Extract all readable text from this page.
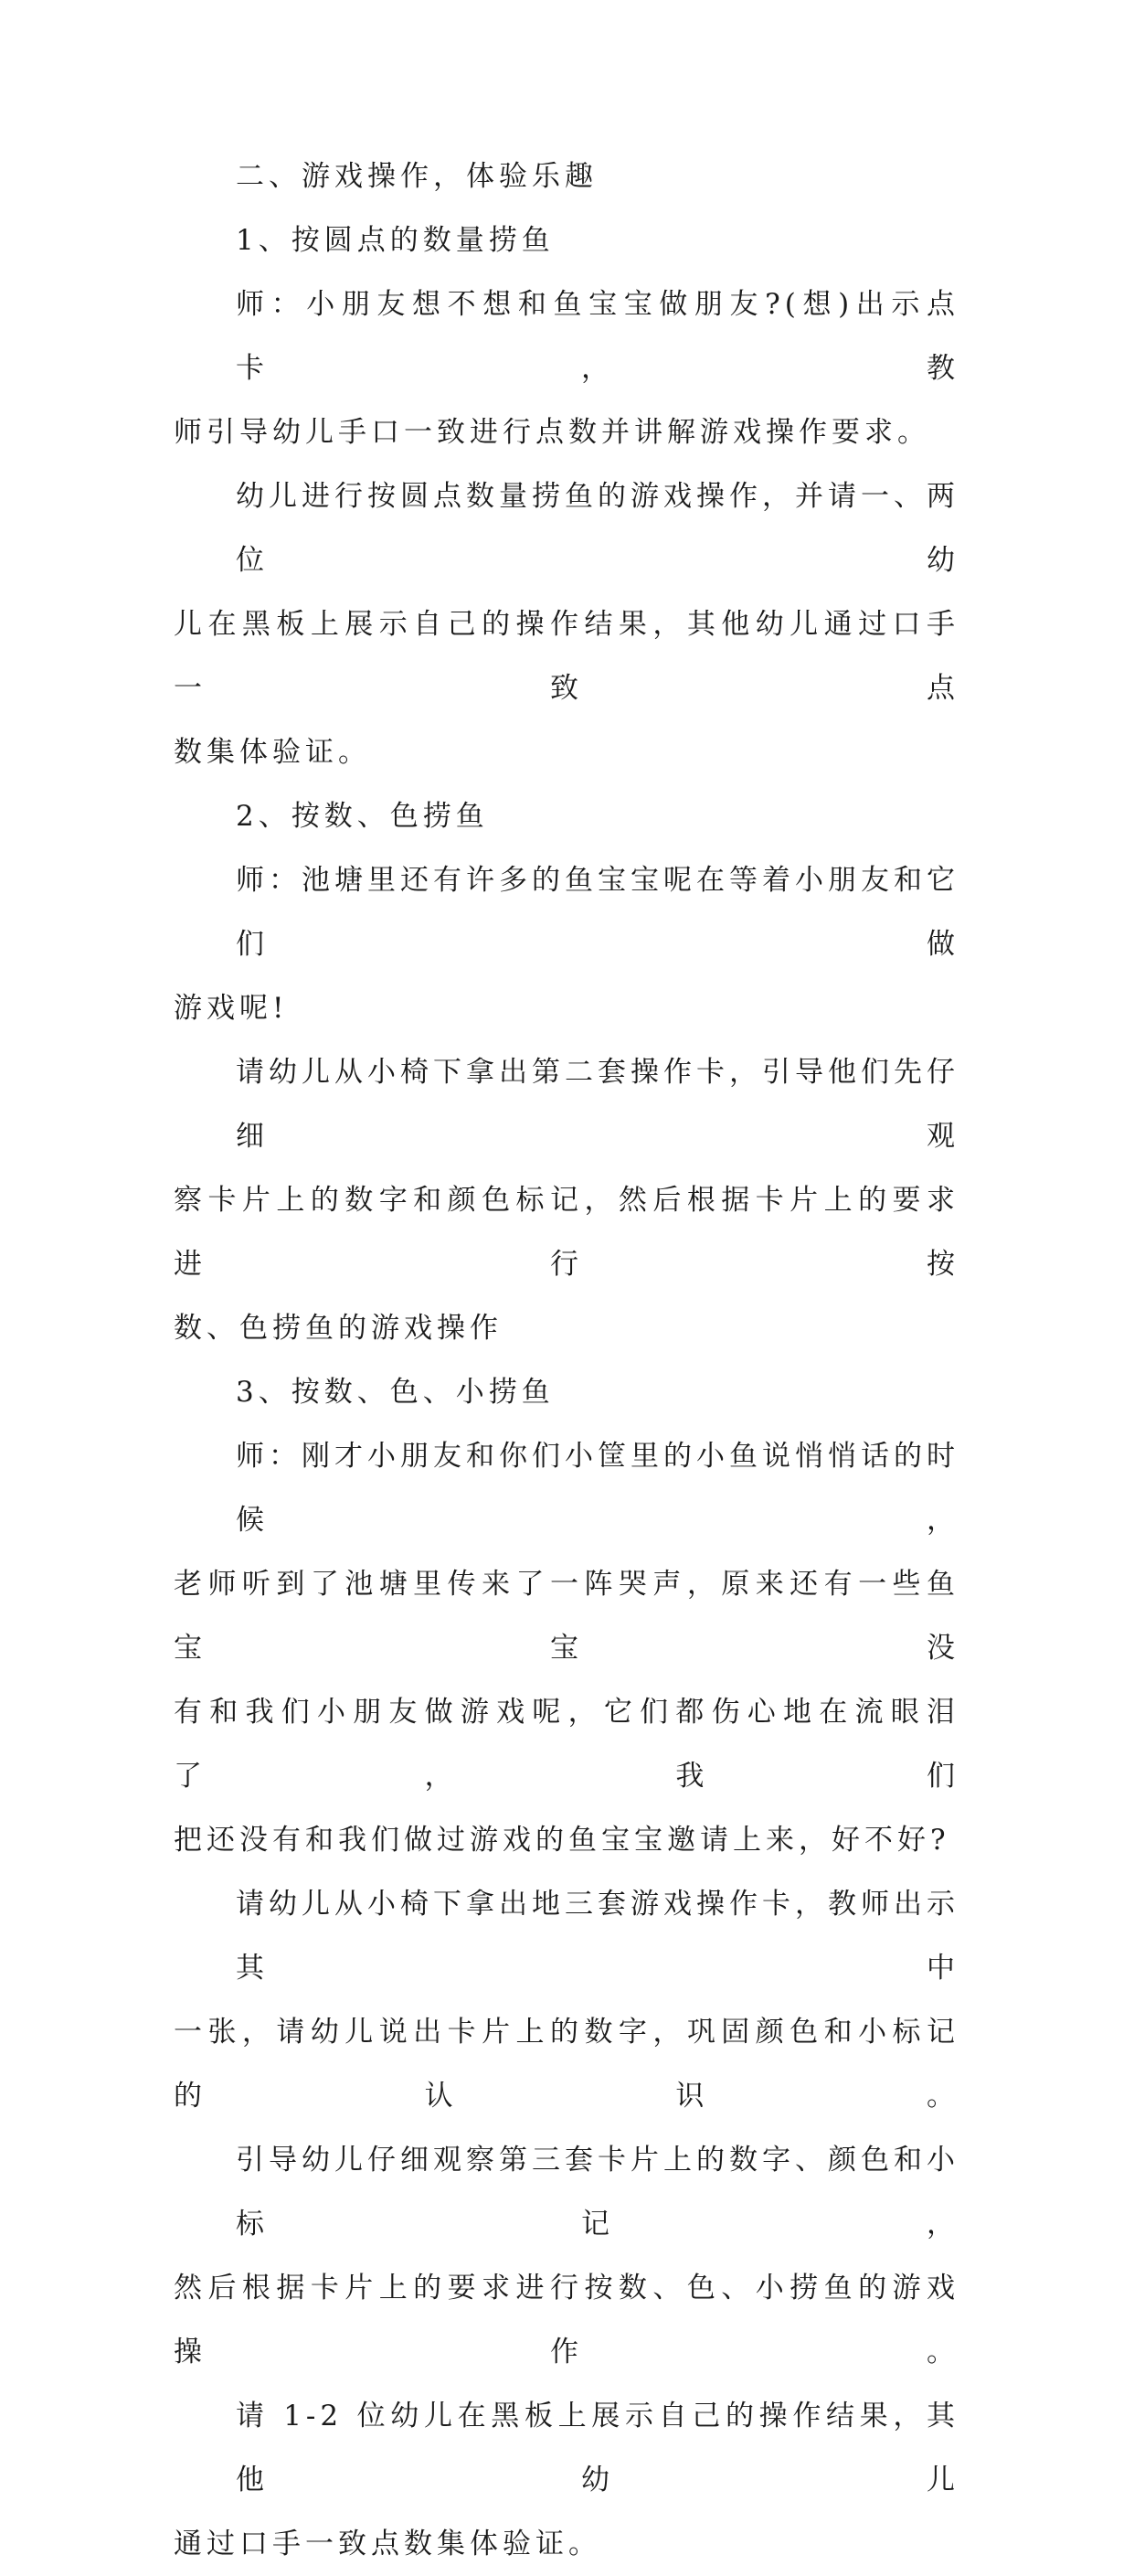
二、游戏操作，体验乐趣
1、按圆点的数量捞鱼
师：小朋友想不想和鱼宝宝做朋友?(想)出示点卡，教
师引导幼儿手口一致进行点数并讲解游戏操作要求。
幼儿进行按圆点数量捞鱼的游戏操作，并请一、两位幼
儿在黑板上展示自己的操作结果，其他幼儿通过口手一致点
数集体验证。
2、按数、色捞鱼
师：池塘里还有许多的鱼宝宝呢在等着小朋友和它们做
游戏呢!
请幼儿从小椅下拿出第二套操作卡，引导他们先仔细观
察卡片上的数字和颜色标记，然后根据卡片上的要求进行按
数、色捞鱼的游戏操作
3、按数、色、小捞鱼
师：刚才小朋友和你们小筐里的小鱼说悄悄话的时候，
老师听到了池塘里传来了一阵哭声，原来还有一些鱼宝宝没
有和我们小朋友做游戏呢，它们都伤心地在流眼泪了，我们
把还没有和我们做过游戏的鱼宝宝邀请上来，好不好?
请幼儿从小椅下拿出地三套游戏操作卡，教师出示其中
一张，请幼儿说出卡片上的数字，巩固颜色和小标记的认识。
引导幼儿仔细观察第三套卡片上的数字、颜色和小标记，
然后根据卡片上的要求进行按数、色、小捞鱼的游戏操作。
请 1-2 位幼儿在黑板上展示自己的操作结果，其他幼儿
通过口手一致点数集体验证。
